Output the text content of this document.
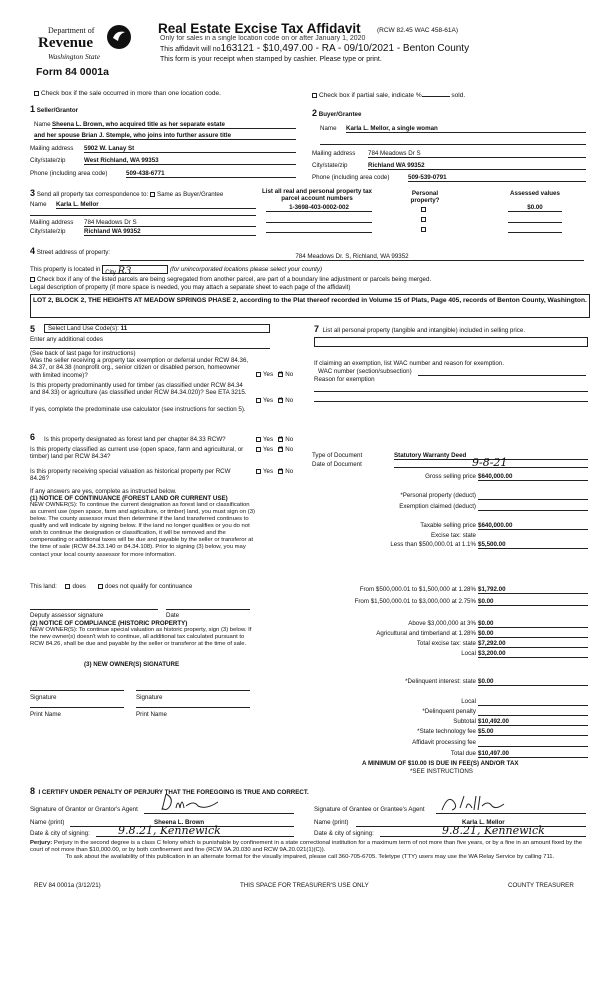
Department of
Revenue
Washington State
Real Estate Excise Tax Affidavit	(RCW 82.45 WAC 458-61A)
Only for sales in a single location code on or after January 1, 2020
This affidavit will no163121 - $10,497.00 - RA - 09/10/2021 - Benton County
This form is your receipt when stamped by cashier. Please type or print.
Form 84 0001a
Check box if the sale occurred in more than one location code.	Check box if partial sale, indicate %	sold.
1 Seller/Grantor
Name Sheena L. Brown, who acquired title as her separate estate
and her spouse Brian J. Stemple, who joins into further assure title
Mailing address 5902 W. Lanay St
City/state/zip	West Richland, WA 99353
Phone (including area code)	509-438-6771
2 Buyer/Grantee
Name Karla L. Mellor, a single woman
Mailing address 784 Meadows Dr S
City/state/zip	Richland WA 99352
Phone (including area code)	509-539-0791
3 Send all property tax correspondence to: Same as Buyer/Grantee
Name Karla L. Mellor
Mailing address 784 Meadows Dr S
City/state/zip	Richland WA 99352
List all real and personal property tax parcel account numbers
1-3698-403-0002-002
Personal property?
Assessed values
$0.00
4 Street address of property:
784 Meadows Dr. S, Richland, WA 99352
This property is located in City R3	(for unincorporated locations please select your county)
Check box if any of the listed parcels are being segregated from another parcel, are part of a boundary line adjustment or parcels being merged.
Legal description of property (if more space is needed, you may attach a separate sheet to each page of the affidavit)
LOT 2, BLOCK 2, THE HEIGHTS AT MEADOW SPRINGS PHASE 2, according to the Plat thereof recorded in Volume 15 of Plats, Page 405, records of Benton County, Washington.
5	Select Land Use Code(s): 11
Enter any additional codes
(See back of last page for instructions)
Was the seller receiving a property tax exemption or deferral under RCW 84.36, 84.37, or 84.38 (nonprofit org., senior citizen or disabled person, homeowner with limited income)?	Yes × No
Is this property predominantly used for timber (as classified under RCW 84.34 and 84.33) or agriculture (as classified under RCW 84.34.020)? See ETA 3215.
Yes × No
If yes, complete the predominate use calculator (see instructions for section 5).
7 List all personal property (tangible and intangible) included in selling price.
If claiming an exemption, list WAC number and reason for exemption.
WAC number (section/subsection)
Reason for exemption
6 Is this property designated as forest land per chapter 84.33 RCW?	Yes × No
Is this property classified as current use (open space, farm and agricultural, or timber) land per RCW 84.34?
Yes × No
Is this property receiving special valuation as historical property per RCW 84.26?
Yes × No
If any answers are yes, complete as instructed below.
(1) NOTICE OF CONTINUANCE (FOREST LAND OR CURRENT USE)
NEW OWNER(S): To continue the current designation as forest land or classification as current use (open space, farm and agriculture, or timber) land, you must sign on (3) below. The county assessor must then determine if the land transferred continues to qualify and will indicate by signing below. If the land no longer qualifies or you do not wish to continue the designation or classification, it will be removed and the compensating or additional taxes will be due and payable by the seller or transferor at the time of sale (RCW 84.33.140 or 84.34.108). Prior to signing (3) below, you may contact your local county assessor for more information.
This land:	does	does not qualify for continuance
Deputy assessor signature	Date
(2) NOTICE OF COMPLIANCE (HISTORIC PROPERTY)
NEW OWNER(S): To continue special valuation as historic property, sign (3) below. If the new owner(s) doesn't wish to continue, all additional tax calculated pursuant to RCW 84.26, shall be due and payable by the seller or transferor at the time of sale.
(3) NEW OWNER(S) SIGNATURE
Signature	Signature
Print Name	Print Name
Type of Document	Statutory Warranty Deed
Date of Document	9-8-21
Gross selling price $640,000.00
*Personal property (deduct)
Exemption claimed (deduct)
Taxable selling price $640,000.00
Excise tax: state
Less than $500,000.01 at 1.1% $5,500.00
From $500,000.01 to $1,500,000 at 1.28% $1,792.00
From $1,500,000.01 to $3,000,000 at 2.75% $0.00
Above $3,000,000 at 3% $0.00
Agricultural and timberland at 1.28% $0.00
Total excise tax: state $7,292.00
Local $3,200.00
*Delinquent interest: state $0.00
Local
*Delinquent penalty
Subtotal $10,492.00
*State technology fee $5.00
Affidavit processing fee
Total due $10,497.00
A MINIMUM OF $10.00 IS DUE IN FEE(S) AND/OR TAX
*SEE INSTRUCTIONS
8 I CERTIFY UNDER PENALTY OF PERJURY THAT THE FOREGOING IS TRUE AND CORRECT.
Signature of Grantor or Grantor's Agent	Signature of Grantee or Grantee's Agent
Name (print)	Sheena L. Brown	Name (print)	Karla L. Mellor
Date & city of signing:	9.8.21, Kennewick	Date & city of signing:	9.8.21, Kennewick
Perjury: Perjury in the second degree is a class C felony which is punishable by confinement in a state correctional institution for a maximum term of not more than five years, or by a fine in an amount fixed by the court of not more than $10,000.00, or by both confinement and fine (RCW 9A.20.030 and RCW 9A.20.021(1)(C)).
To ask about the availability of this publication in an alternate format for the visually impaired, please call 360-705-6705. Teletype (TTY) users may use the WA Relay Service by calling 711.
REV 84 0001a (3/12/21)	THIS SPACE FOR TREASURER'S USE ONLY	COUNTY TREASURER
